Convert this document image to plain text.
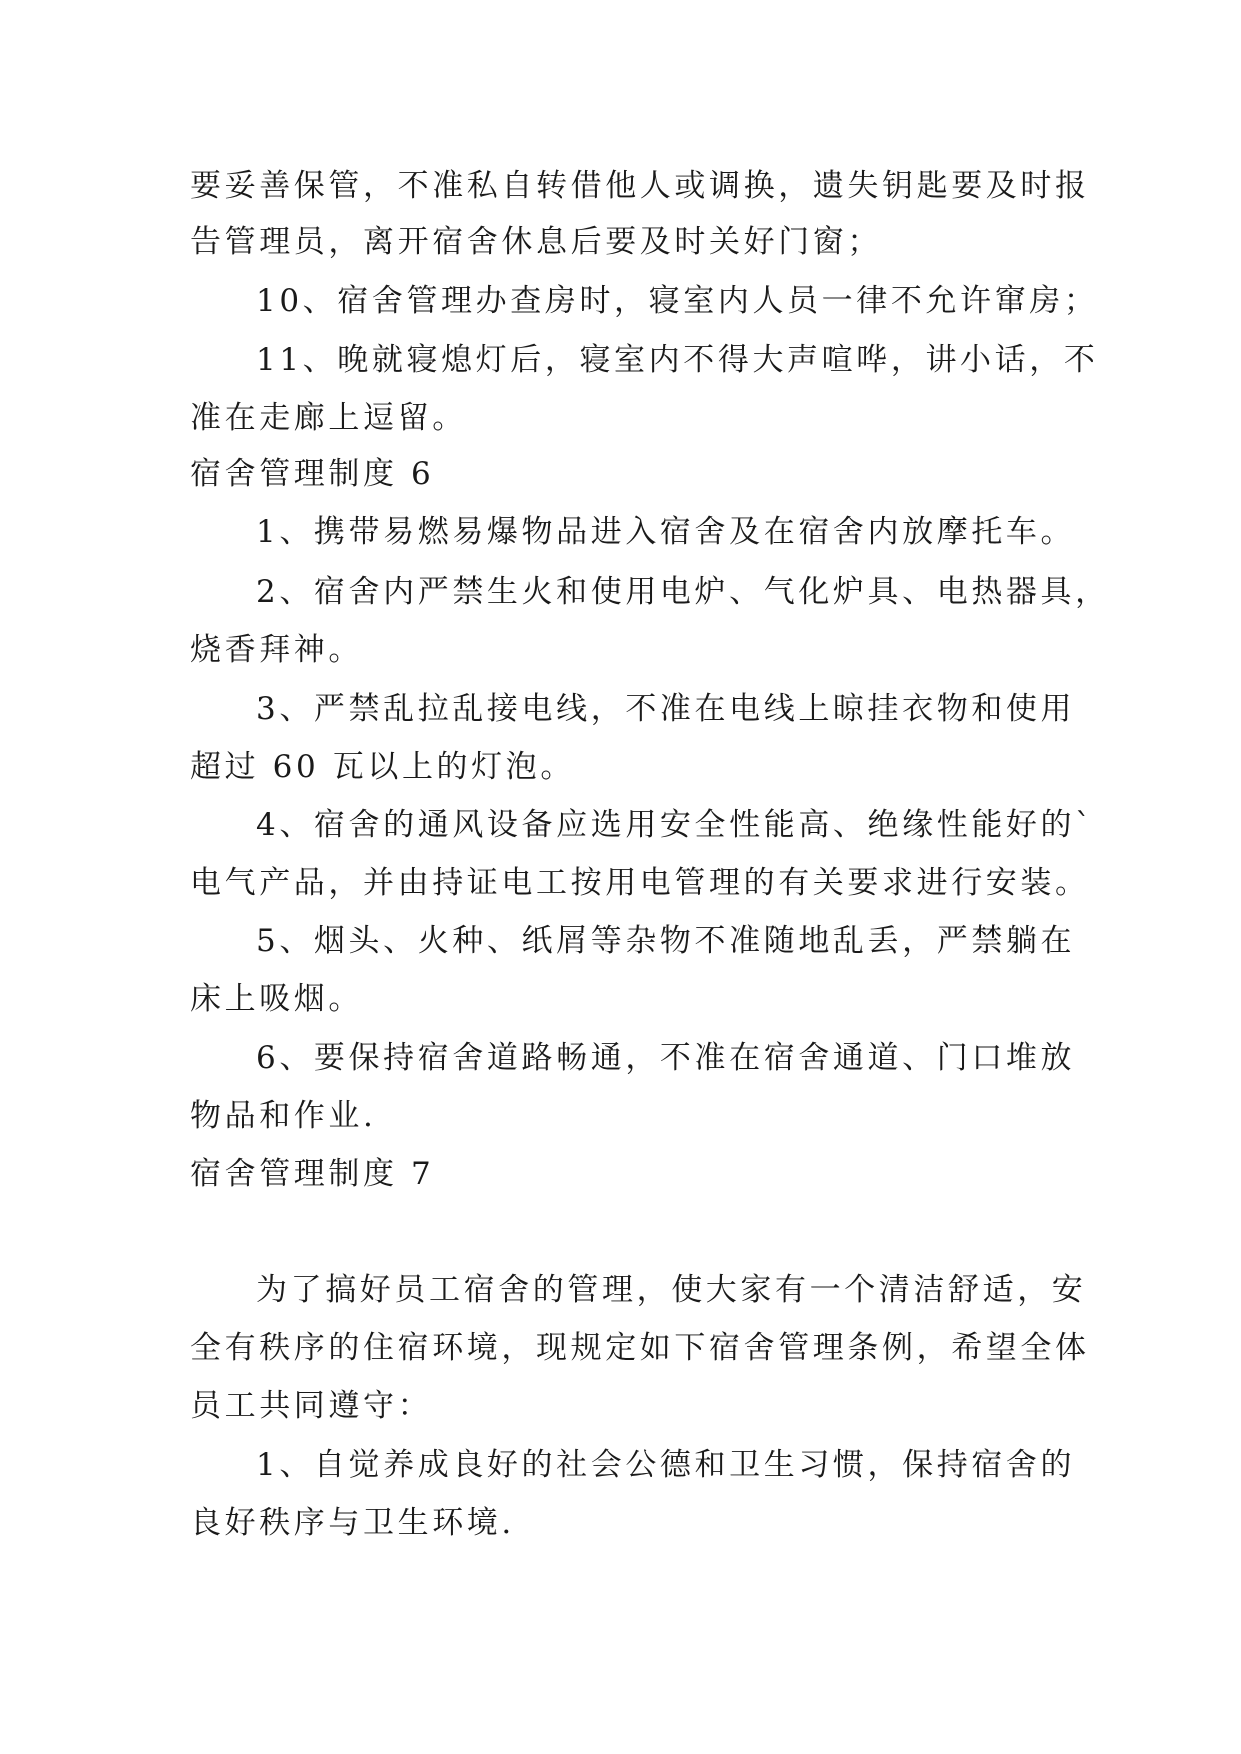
要妥善保管，不准私自转借他人或调换，遗失钥匙要及时报

告管理员，离开宿舍休息后要及时关好门窗；

10、宿舍管理办查房时，寝室内人员一律不允许窜房；

11、晚就寝熄灯后，寝室内不得大声喧哗，讲小话，不

准在走廊上逗留。

宿舍管理制度 6

1、携带易燃易爆物品进入宿舍及在宿舍内放摩托车。

2、宿舍内严禁生火和使用电炉、气化炉具、电热器具，

烧香拜神。

3、严禁乱拉乱接电线，不准在电线上晾挂衣物和使用

超过 60 瓦以上的灯泡。

4、宿舍的通风设备应选用安全性能高、绝缘性能好的`

电气产品，并由持证电工按用电管理的有关要求进行安装。

5、烟头、火种、纸屑等杂物不准随地乱丢，严禁躺在

床上吸烟。

6、要保持宿舍道路畅通，不准在宿舍通道、门口堆放

物品和作业.

宿舍管理制度 7

为了搞好员工宿舍的管理，使大家有一个清洁舒适，安

全有秩序的住宿环境，现规定如下宿舍管理条例，希望全体

员工共同遵守：

1、自觉养成良好的社会公德和卫生习惯，保持宿舍的

良好秩序与卫生环境.
